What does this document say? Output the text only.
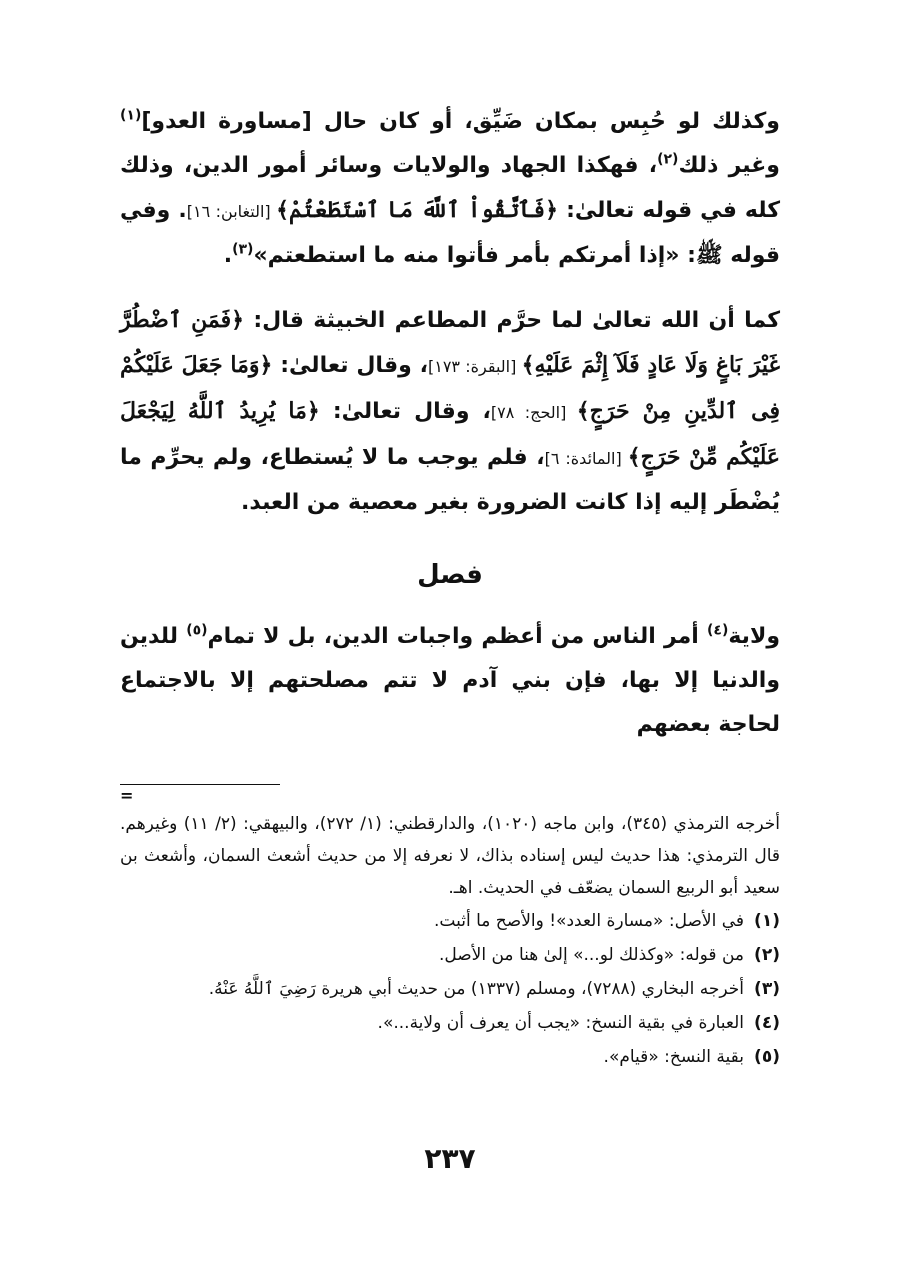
وكذلك لو حُبِس بمكان ضَيِّق، أو كان حال [مساورة العدو]$^{(١)}$ وغير ذلك$^{(٢)}$، فهكذا الجهاد والولايات وسائر أمور الدين، وذلك كله في قوله تعالىٰ: ﴿فَٱتَّقُواْ ٱللَّهَ مَا ٱسْتَطَعْتُمْ﴾ [التغابن: ١٦]. وفي قوله ﷺ: «إذا أمرتكم بأمر فأتوا منه ما استطعتم»$^{(٣)}$.

كما أن الله تعالىٰ لما حرَّم المطاعم الخبيثة قال: ﴿فَمَنِ ٱضْطُرَّ غَيْرَ بَاغٍ وَلَا عَادٍ فَلَآ إِثْمَ عَلَيْهِ﴾ [البقرة: ١٧٣]، وقال تعالىٰ: ﴿وَمَا جَعَلَ عَلَيْكُمْ فِى ٱلدِّينِ مِنْ حَرَجٍ﴾ [الحج: ٧٨]، وقال تعالىٰ: ﴿مَا يُرِيدُ ٱللَّهُ لِيَجْعَلَ عَلَيْكُم مِّنْ حَرَجٍ﴾ [المائدة: ٦]، فلم يوجب ما لا يُستطاع، ولم يحرِّم ما يُضْطَر إليه إذا كانت الضرورة بغير معصية من العبد.

فصل

ولاية$^{(٤)}$ أمر الناس من أعظم واجبات الدين، بل لا تمام$^{(٥)}$ للدين والدنيا إلا بها، فإن بني آدم لا تتم مصلحتهم إلا بالاجتماع لحاجة بعضهم

=

أخرجه الترمذي (٣٤٥)، وابن ماجه (١٠٢٠)، والدارقطني: (١/ ٢٧٢)، والبيهقي: (٢/ ١١) وغيرهم. قال الترمذي: هذا حديث ليس إسناده بذاك، لا نعرفه إلا من حديث أشعث السمان، وأشعث بن سعيد أبو الربيع السمان يضعّف في الحديث. اهـ.

(١)
في الأصل: «مسارة العدد»! والأصح ما أثبت.
(٢)
من قوله: «وكذلك لو...» إلىٰ هنا من الأصل.
(٣)
أخرجه البخاري (٧٢٨٨)، ومسلم (١٣٣٧) من حديث أبي هريرة رَضِيَ ٱللَّهُ عَنْهُ.
(٤)
العبارة في بقية النسخ: «يجب أن يعرف أن ولاية...».
(٥)
بقية النسخ: «قيام».
٢٣٧
